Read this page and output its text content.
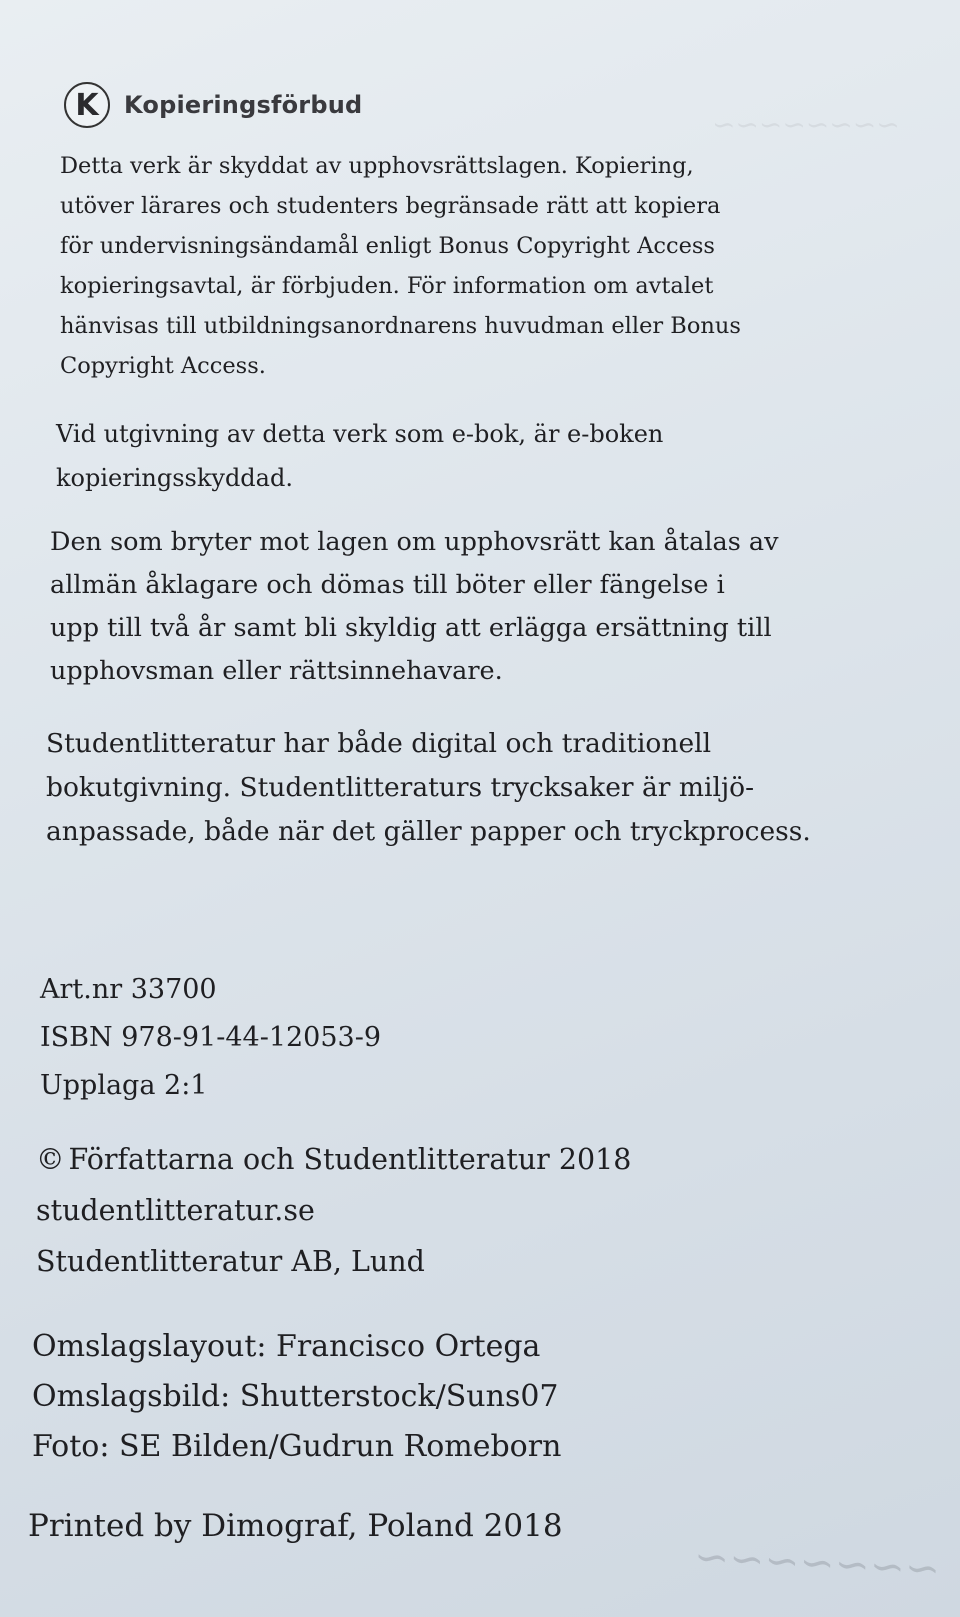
~~~~~~~~
K	Kopieringsförbud

Detta verk är skyddat av upphovsrättslagen. Kopiering,
utöver lärares och studenters begränsade rätt att kopiera
för undervisningsändamål enligt Bonus Copyright Access
kopieringsavtal, är förbjuden. För information om avtalet
hänvisas till utbildningsanordnarens huvudman eller Bonus
Copyright Access.

Vid utgivning av detta verk som e-bok, är e-boken
kopieringsskyddad.

Den som bryter mot lagen om upphovsrätt kan åtalas av
allmän åklagare och dömas till böter eller fängelse i
upp till två år samt bli skyldig att erlägga ersättning till
upphovsman eller rättsinnehavare.

Studentlitteratur har både digital och traditionell
bokutgivning. Studentlitteraturs trycksaker är miljö-
anpassade, både när det gäller papper och tryckprocess.

Art.nr 33700
ISBN 978-91-44-12053-9
Upplaga 2:1
© Författarna och Studentlitteratur 2018
studentlitteratur.se
Studentlitteratur AB, Lund
Omslagslayout: Francisco Ortega
Omslagsbild: Shutterstock/Suns07
Foto: SE Bilden/Gudrun Romeborn
Printed by Dimograf, Poland 2018
~~~~~~~
